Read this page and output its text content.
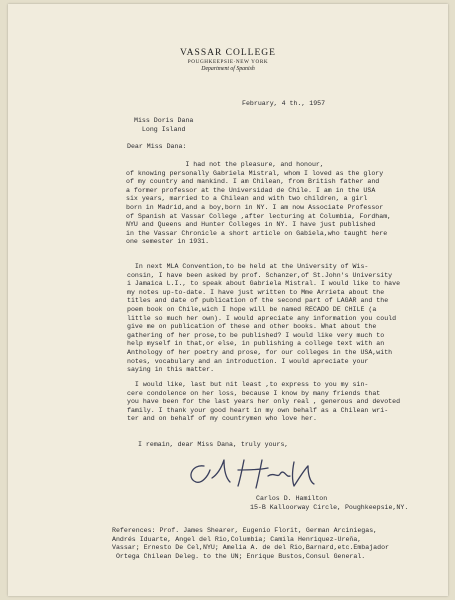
VASSAR COLLEGE
POUGHKEEPSIE·NEW YORK
Department of Spanish
February, 4 th., 1957
Miss Doris Dana
Long Island
Dear Miss Dana:
I had not the pleasure, and honour,
of knowing personally Gabriela Mistral, whom I loved as the glory
of my country and mankind. I am Chilean, from British father and
a former professor at the Universidad de Chile. I am in the USA
six years, married to a Chilean and with two children, a girl
born in Madrid,and a boy,born in NY. I am now Associate Professor
of Spanish at Vassar College ,after lecturing at Columbia, Fordham,
NYU and Queens and Hunter Colleges in NY. I have just published
in the Vassar Chronicle a short article on Gabiela,who taught here
one semester in 1931.
In next MLA Convention,to be held at the University of Wis-
consin, I have been asked by prof. Schanzer,of St.John's University
i Jamaica L.I., to speak about Gabriela Mistral. I would like to have
my notes up-to-date. I have just written to Mme Arrieta about the
titles and date of publication of the second part of LAGAR and the
poem book on Chile,wich I hope will be named RECADO DE CHILE (a
little so much her own). I would apreciate any information you could
give me on publication of these and other books. What about the
gathering of her prose,to be published? I would like very much to
help myself in that,or else, in publishing a college text with an
Anthology of her poetry and prose, for our colleges in the USA,with
notes, vocabulary and an introduction. I would apreciate your
saying in this matter.
I would like, last but nit least ,to express to you my sin-
cere condolence on her loss, because I know by many friends that
you have been for the last years her only real , generous and devoted
family. I thank your good heart in my own behalf as a Chilean wri-
ter and on behalf of my countrymen who love her.
I remain, dear Miss Dana, truly yours,
Carlos D. Hamilton
15-B Kalloorway Circle, Poughkeepsie,NY.
References: Prof. James Shearer, Eugenio Florit, German Arciniegas,
Andrés Iduarte, Angel del Rio,Columbia; Camila Henriquez-Ureña,
Vassar; Ernesto De Cel,NYU; Amelia A. de del Rio,Barnard,etc.Embajador
Ortega Chilean Deleg. to the UN; Enrique Bustos,Consul General.
